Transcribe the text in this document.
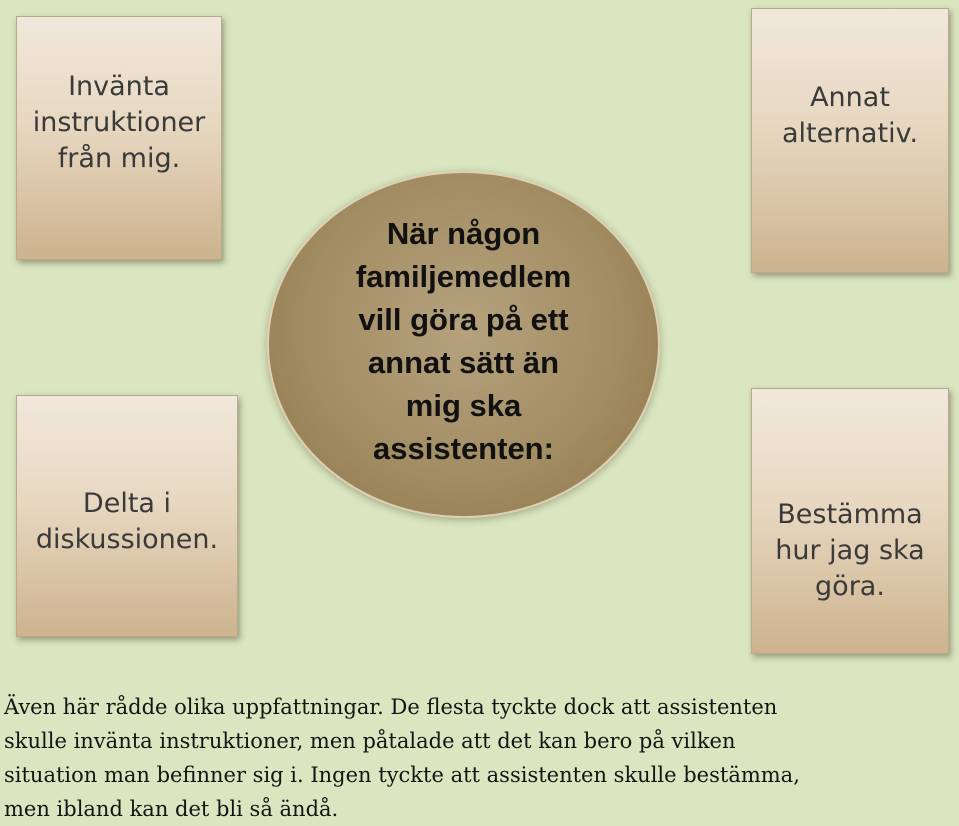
Invänta
instruktioner
från mig.
Annat
alternativ.
När någon
familjemedlem
vill göra på ett
annat sätt än
mig ska
assistenten:
Delta i
diskussionen.
Bestämma
hur jag ska
göra.

Även här rådde olika uppfattningar. De flesta tyckte dock att assistenten
skulle invänta instruktioner, men påtalade att det kan bero på vilken
situation man befinner sig i. Ingen tyckte att assistenten skulle bestämma,
men ibland kan det bli så ändå.
